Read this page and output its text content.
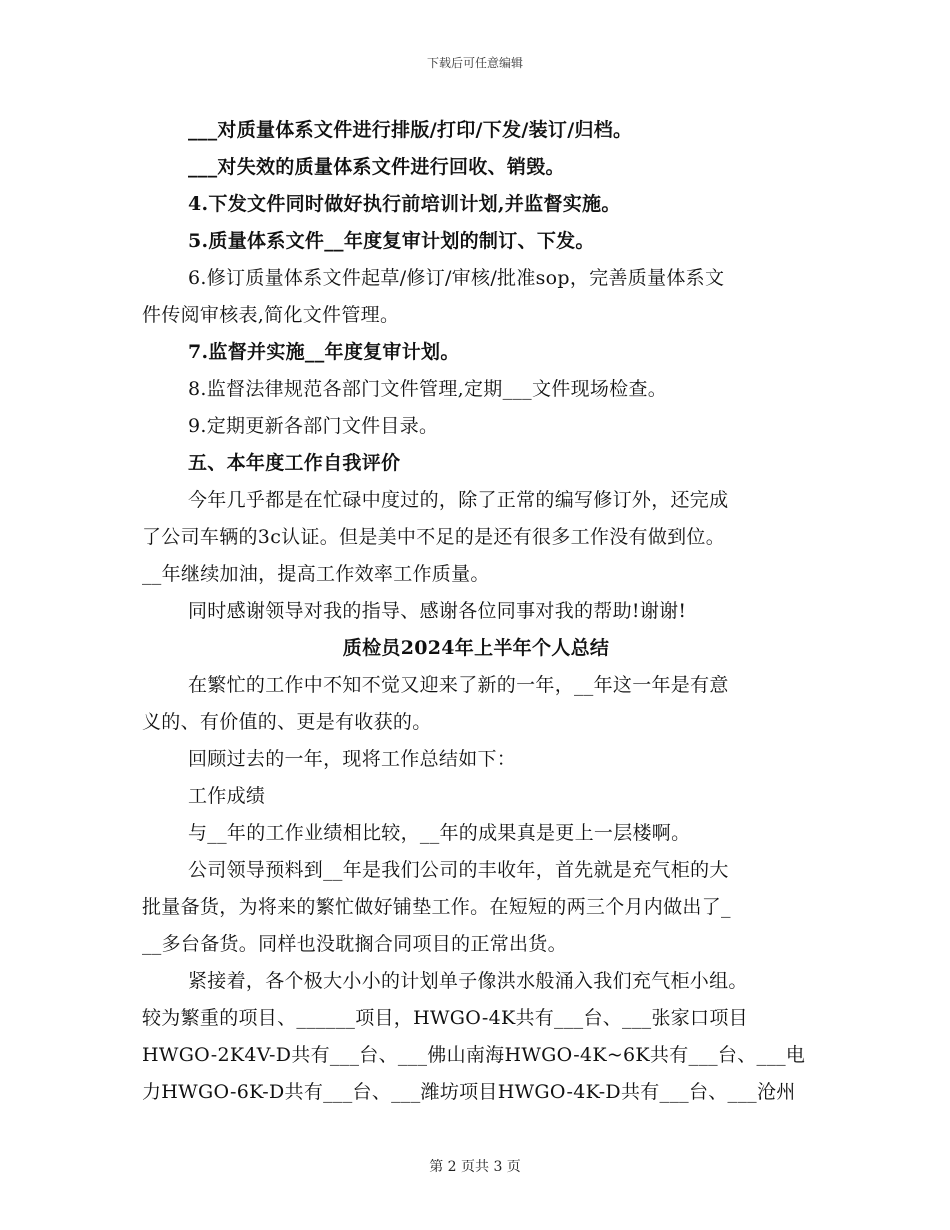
下载后可任意编辑
___对质量体系文件进行排版/打印/下发/装订/归档。
___对失效的质量体系文件进行回收、销毁。
4.下发文件同时做好执行前培训计划,并监督实施。
5.质量体系文件__年度复审计划的制订、下发。
6.修订质量体系文件起草/修订/审核/批准sop，完善质量体系文
件传阅审核表,简化文件管理。
7.监督并实施__年度复审计划。
8.监督法律规范各部门文件管理,定期___文件现场检查。
9.定期更新各部门文件目录。
五、本年度工作自我评价
今年几乎都是在忙碌中度过的，除了正常的编写修订外，还完成
了公司车辆的3c认证。但是美中不足的是还有很多工作没有做到位。
__年继续加油，提高工作效率工作质量。
同时感谢领导对我的指导、感谢各位同事对我的帮助!谢谢!
质检员2024年上半年个人总结
在繁忙的工作中不知不觉又迎来了新的一年，__年这一年是有意
义的、有价值的、更是有收获的。
回顾过去的一年，现将工作总结如下：
工作成绩
与__年的工作业绩相比较，__年的成果真是更上一层楼啊。
公司领导预料到__年是我们公司的丰收年，首先就是充气柜的大
批量备货，为将来的繁忙做好铺垫工作。在短短的两三个月内做出了_
__多台备货。同样也没耽搁合同项目的正常出货。
紧接着，各个极大小小的计划单子像洪水般涌入我们充气柜小组。
较为繁重的项目、______项目，HWGO-4K共有___台、___张家口项目
HWGO-2K4V-D共有___台、___佛山南海HWGO-4K~6K共有___台、___电
力HWGO-6K-D共有___台、___潍坊项目HWGO-4K-D共有___台、___沧州
第 2 页共 3 页
